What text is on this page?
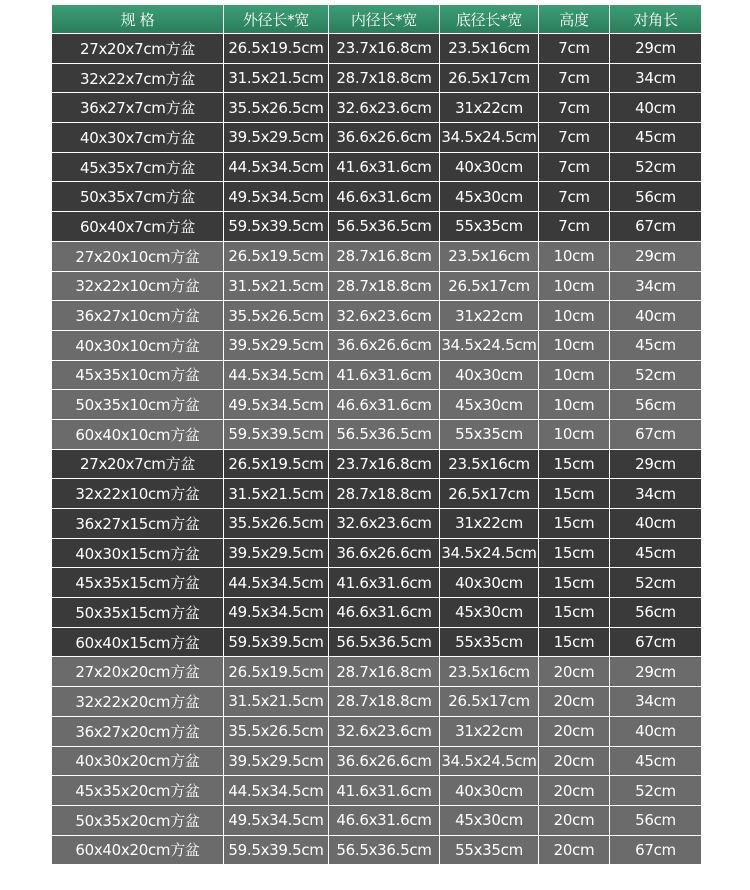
规 格	外径长*宽	内径长*宽	底径长*宽	高度	对角长
27x20x7cm方盆	26.5x19.5cm	23.7x16.8cm	23.5x16cm	7cm	29cm
32x22x7cm方盆	31.5x21.5cm	28.7x18.8cm	26.5x17cm	7cm	34cm
36x27x7cm方盆	35.5x26.5cm	32.6x23.6cm	31x22cm	7cm	40cm
40x30x7cm方盆	39.5x29.5cm	36.6x26.6cm	34.5x24.5cm	7cm	45cm
45x35x7cm方盆	44.5x34.5cm	41.6x31.6cm	40x30cm	7cm	52cm
50x35x7cm方盆	49.5x34.5cm	46.6x31.6cm	45x30cm	7cm	56cm
60x40x7cm方盆	59.5x39.5cm	56.5x36.5cm	55x35cm	7cm	67cm
27x20x10cm方盆	26.5x19.5cm	28.7x16.8cm	23.5x16cm	10cm	29cm
32x22x10cm方盆	31.5x21.5cm	28.7x18.8cm	26.5x17cm	10cm	34cm
36x27x10cm方盆	35.5x26.5cm	32.6x23.6cm	31x22cm	10cm	40cm
40x30x10cm方盆	39.5x29.5cm	36.6x26.6cm	34.5x24.5cm	10cm	45cm
45x35x10cm方盆	44.5x34.5cm	41.6x31.6cm	40x30cm	10cm	52cm
50x35x10cm方盆	49.5x34.5cm	46.6x31.6cm	45x30cm	10cm	56cm
60x40x10cm方盆	59.5x39.5cm	56.5x36.5cm	55x35cm	10cm	67cm
27x20x7cm方盆	26.5x19.5cm	23.7x16.8cm	23.5x16cm	15cm	29cm
32x22x10cm方盆	31.5x21.5cm	28.7x18.8cm	26.5x17cm	15cm	34cm
36x27x15cm方盆	35.5x26.5cm	32.6x23.6cm	31x22cm	15cm	40cm
40x30x15cm方盆	39.5x29.5cm	36.6x26.6cm	34.5x24.5cm	15cm	45cm
45x35x15cm方盆	44.5x34.5cm	41.6x31.6cm	40x30cm	15cm	52cm
50x35x15cm方盆	49.5x34.5cm	46.6x31.6cm	45x30cm	15cm	56cm
60x40x15cm方盆	59.5x39.5cm	56.5x36.5cm	55x35cm	15cm	67cm
27x20x20cm方盆	26.5x19.5cm	28.7x16.8cm	23.5x16cm	20cm	29cm
32x22x20cm方盆	31.5x21.5cm	28.7x18.8cm	26.5x17cm	20cm	34cm
36x27x20cm方盆	35.5x26.5cm	32.6x23.6cm	31x22cm	20cm	40cm
40x30x20cm方盆	39.5x29.5cm	36.6x26.6cm	34.5x24.5cm	20cm	45cm
45x35x20cm方盆	44.5x34.5cm	41.6x31.6cm	40x30cm	20cm	52cm
50x35x20cm方盆	49.5x34.5cm	46.6x31.6cm	45x30cm	20cm	56cm
60x40x20cm方盆	59.5x39.5cm	56.5x36.5cm	55x35cm	20cm	67cm
